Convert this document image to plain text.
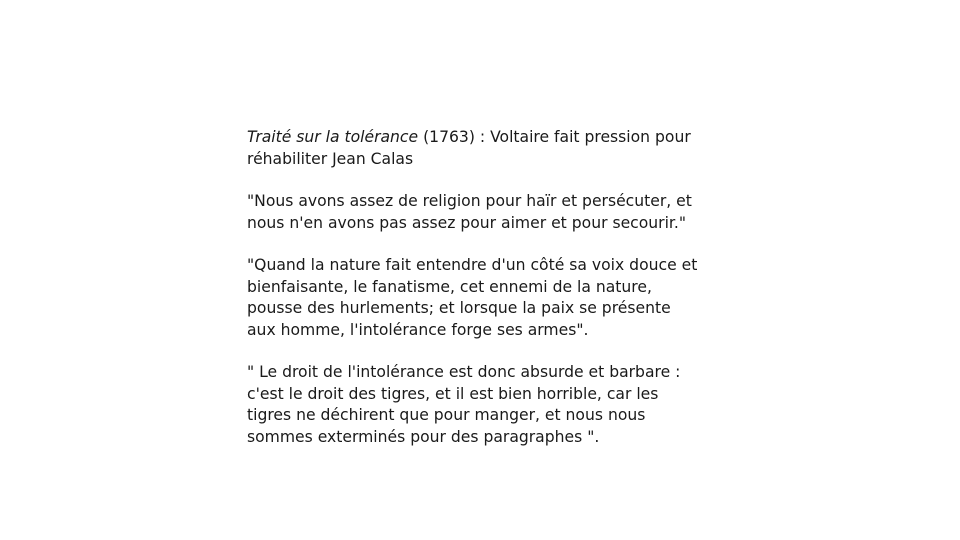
Traité sur la tolérance (1763) : Voltaire fait pression pour
réhabiliter Jean Calas

"Nous avons assez de religion pour haïr et persécuter, et
nous n'en avons pas assez pour aimer et pour secourir."

"Quand la nature fait entendre d'un côté sa voix douce et
bienfaisante, le fanatisme, cet ennemi de la nature,
pousse des hurlements; et lorsque la paix se présente
aux homme, l'intolérance forge ses armes".

" Le droit de l'intolérance est donc absurde et barbare :
c'est le droit des tigres, et il est bien horrible, car les
tigres ne déchirent que pour manger, et nous nous
sommes exterminés pour des paragraphes ".
